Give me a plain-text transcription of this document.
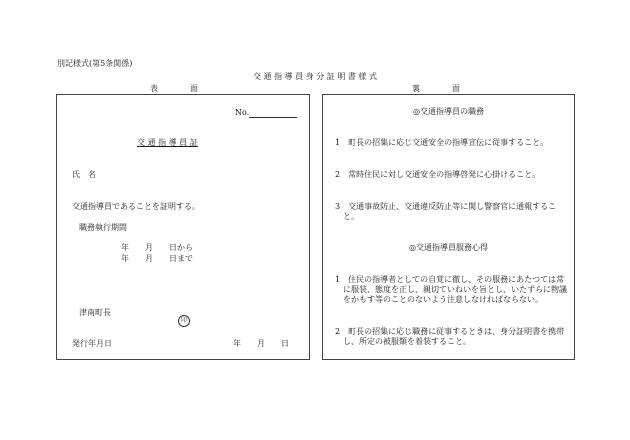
別記様式(第5条関係)
交 通 指 導 員 身 分 証 明 書 様 式
表　　　　面	裏　　　　面
No.
交 通 指 導 員 証
氏　名
交通指導員であることを証明する。
職務執行期間
年　　月　　日から
年　　月　　日まで
津南町長
印
発行年月日	年　　月　　日
◎交通指導員の職務
1　町長の招集に応じ交通安全の指導宣伝に従事すること。
2　常時住民に対し交通安全の指導啓発に心掛けること。
3　交通事故防止、交通違反防止等に関し警察官に通報するこ
と。
◎交通指導員服務心得
1　住民の指導者としての自覚に徹し、その服務にあたつては常
に服装、態度を正し、親切ていねいを旨とし、いたずらに物議
をかもす等のことのないよう注意しなければならない。
2　町長の招集に応じ職務に従事するときは、身分証明書を携帯
し、所定の被服類を着装すること。
